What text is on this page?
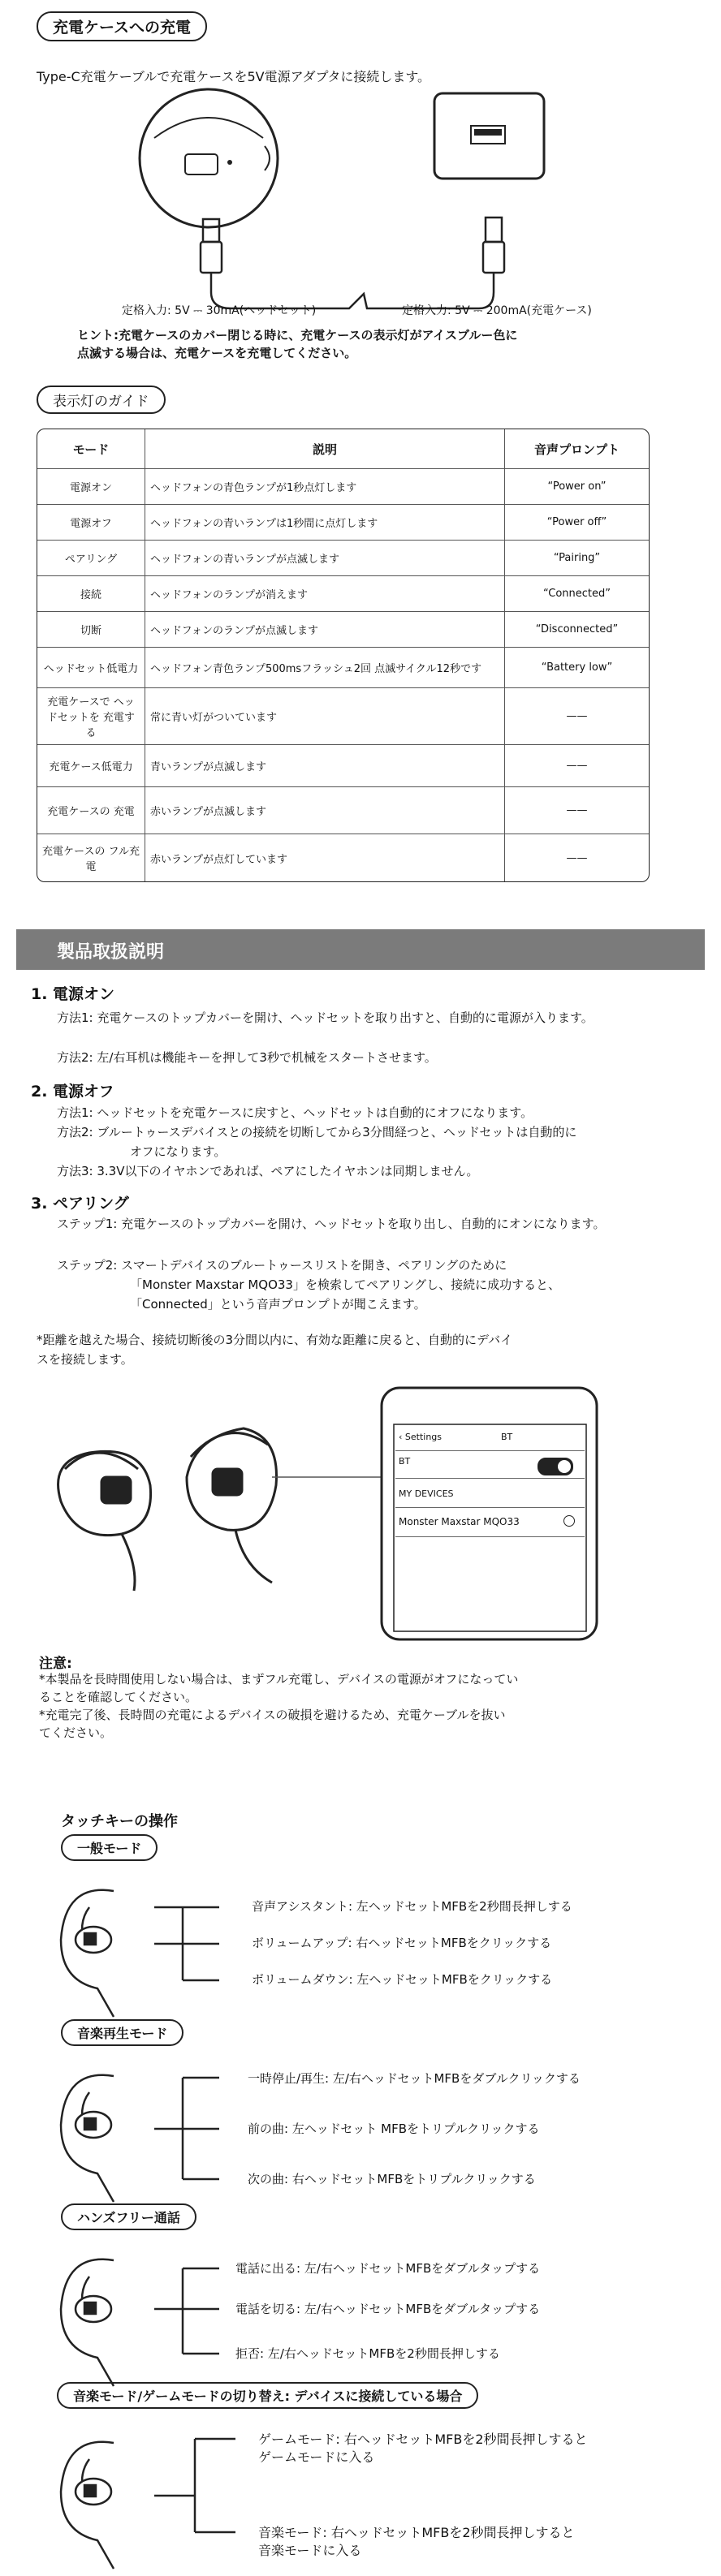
充電ケースへの充電
Type-C充電ケーブルで充電ケースを5V電源アダプタに接続します。
定格入力: 5V ⎓ 30mA(ヘッドセット)	定格入力: 5V ⎓ 200mA(充電ケース)
ヒント:充電ケースのカバー閉じる時に、充電ケースの表示灯がアイスブルー色に
点滅する場合は、充電ケースを充電してください。
表示灯のガイド
モード	説明	音声プロンプト
電源オン	ヘッドフォンの青色ランプが1秒点灯します	“Power on”
電源オフ	ヘッドフォンの青いランプは1秒間に点灯します	“Power off”
ペアリング	ヘッドフォンの青いランプが点滅します	“Pairing”
接続	ヘッドフォンのランプが消えます	“Connected”
切断	ヘッドフォンのランプが点滅します	“Disconnected”
ヘッドセット低電力	ヘッドフォン青色ランプ500msフラッシュ2回 点滅サイクル12秒です	“Battery low”
充電ケースで ヘッドセットを 充電する	常に青い灯がついています	——
充電ケース低電力	青いランプが点滅します	——
充電ケースの 充電	赤いランプが点滅します	——
充電ケースの フル充電	赤いランプが点灯しています	——
製品取扱説明
1. 電源オン
方法1: 充電ケースのトップカバーを開け、ヘッドセットを取り出すと、自動的に電源が入ります。
方法2: 左/右耳机は機能キーを押して3秒で机械をスタートさせます。
2. 電源オフ
方法1: ヘッドセットを充電ケースに戻すと、ヘッドセットは自動的にオフになります。
方法2: ブルートゥースデバイスとの接続を切断してから3分間経つと、ヘッドセットは自動的に
オフになります。
方法3: 3.3V以下のイヤホンであれば、ペアにしたイヤホンは同期しません。
3. ペアリング
ステップ1: 充電ケースのトップカバーを開け、ヘッドセットを取り出し、自動的にオンになります。
ステップ2: スマートデバイスのブルートゥースリストを開き、ペアリングのために
「Monster Maxstar MQO33」を検索してペアリングし、接続に成功すると、
「Connected」という音声プロンプトが聞こえます。
*距離を越えた場合、接続切断後の3分間以内に、有効な距離に戻ると、自動的にデバイ
スを接続します。
‹ Settings	BT
BT
MY DEVICES
Monster Maxstar MQO33
注意:
*本製品を長時間使用しない場合は、まずフル充電し、デバイスの電源がオフになってい
ることを確認してください。
*充電完了後、長時間の充電によるデバイスの破損を避けるため、充電ケーブルを抜い
てください。
タッチキーの操作
一般モード
音楽再生モード
ハンズフリー通話
音楽モード/ゲームモードの切り替え: デバイスに接続している場合
音声アシスタント: 左ヘッドセットMFBを2秒間長押しする
ボリュームアップ: 右ヘッドセットMFBをクリックする
ボリュームダウン: 左ヘッドセットMFBをクリックする
一時停止/再生: 左/右ヘッドセットMFBをダブルクリックする
前の曲: 左ヘッドセット MFBをトリプルクリックする
次の曲: 右ヘッドセットMFBをトリプルクリックする
電話に出る: 左/右ヘッドセットMFBをダブルタップする
電話を切る: 左/右ヘッドセットMFBをダブルタップする
拒否: 左/右ヘッドセットMFBを2秒間長押しする
ゲームモード: 右ヘッドセットMFBを2秒間長押しすると
ゲームモードに入る
音楽モード: 右ヘッドセットMFBを2秒間長押しすると
音楽モードに入る
